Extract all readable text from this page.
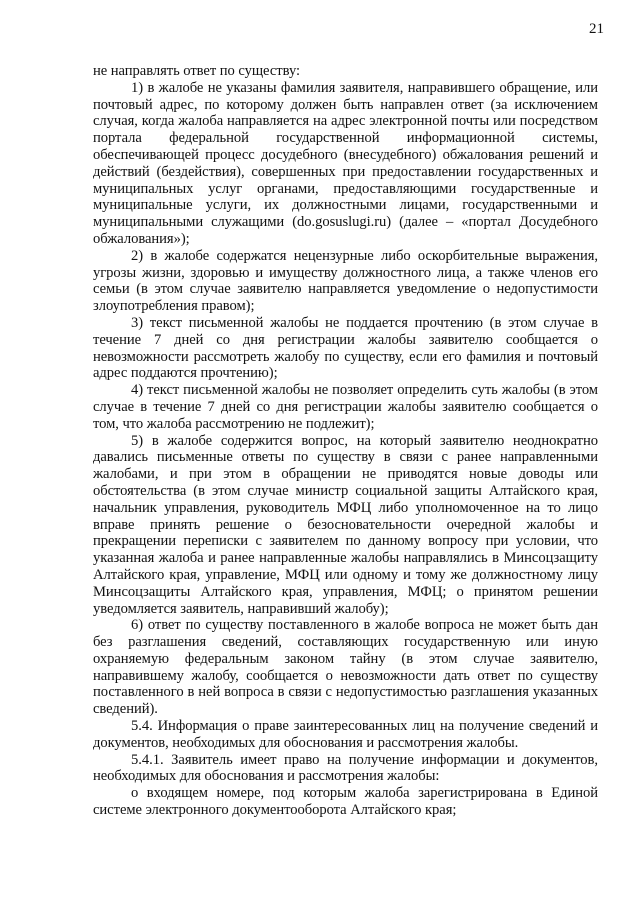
21

не направлять ответ по существу:

1) в жалобе не указаны фамилия заявителя, направившего обращение, или почтовый адрес, по которому должен быть направлен ответ (за исключением случая, когда жалоба направляется на адрес электронной почты или посредством портала федеральной государственной информационной системы, обеспечивающей процесс досудебного (внесудебного) обжалования решений и действий (бездействия), совершенных при предоставлении государственных и муниципальных услуг органами, предоставляющими государственные и муниципальные услуги, их должностными лицами, государственными и муниципальными служащими (do.gosuslugi.ru) (далее – «портал Досудебного обжалования»);

2) в жалобе содержатся нецензурные либо оскорбительные выражения, угрозы жизни, здоровью и имуществу должностного лица, а также членов его семьи (в этом случае заявителю направляется уведомление о недопустимости злоупотребления правом);

3) текст письменной жалобы не поддается прочтению (в этом случае в течение 7 дней со дня регистрации жалобы заявителю сообщается о невозможности рассмотреть жалобу по существу, если его фамилия и почтовый адрес поддаются прочтению);

4) текст письменной жалобы не позволяет определить суть жалобы (в этом случае в течение 7 дней со дня регистрации жалобы заявителю сообщается о том, что жалоба рассмотрению не подлежит);

5) в жалобе содержится вопрос, на который заявителю неоднократно давались письменные ответы по существу в связи с ранее направленными жалобами, и при этом в обращении не приводятся новые доводы или обстоятельства (в этом случае министр социальной защиты Алтайского края, начальник управления, руководитель МФЦ либо уполномоченное на то лицо вправе принять решение о безосновательности очередной жалобы и прекращении переписки с заявителем по данному вопросу при условии, что указанная жалоба и ранее направленные жалобы направлялись в Минсоцзащиту Алтайского края, управление, МФЦ или одному и тому же должностному лицу Минсоцзащиты Алтайского края, управления, МФЦ; о принятом решении уведомляется заявитель, направивший жалобу);

6) ответ по существу поставленного в жалобе вопроса не может быть дан без разглашения сведений, составляющих государственную или иную охраняемую федеральным законом тайну (в этом случае заявителю, направившему жалобу, сообщается о невозможности дать ответ по существу поставленного в ней вопроса в связи с недопустимостью разглашения указанных сведений).

5.4. Информация о праве заинтересованных лиц на получение сведений и документов, необходимых для обоснования и рассмотрения жалобы.

5.4.1. Заявитель имеет право на получение информации и документов, необходимых для обоснования и рассмотрения жалобы:

о входящем номере, под которым жалоба зарегистрирована в Единой системе электронного документооборота Алтайского края;
